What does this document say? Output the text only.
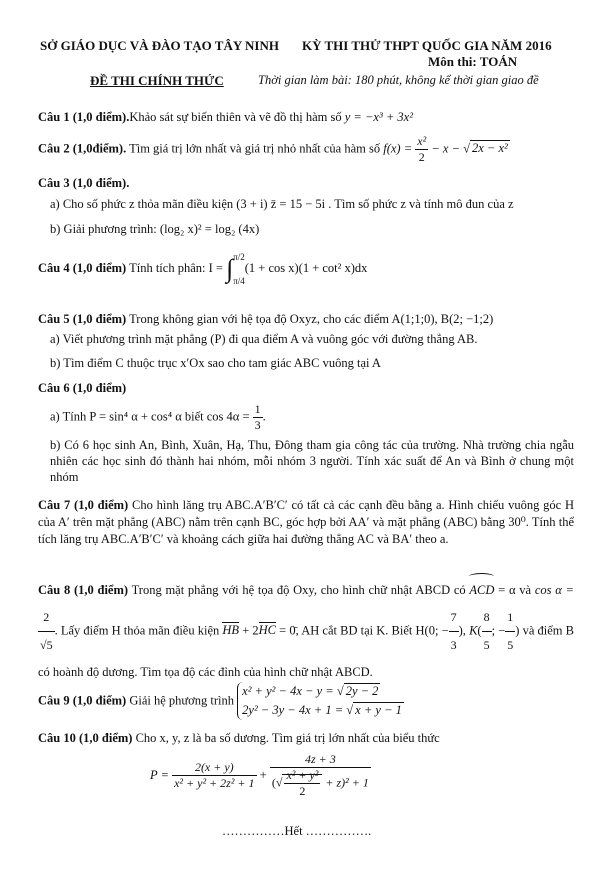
SỞ GIÁO DỤC VÀ ĐÀO TẠO TÂY NINH KỲ THI THỬ THPT QUỐC GIA NĂM 2016
Môn thi: TOÁN
ĐỀ THI CHÍNH THỨC	Thời gian làm bài: 180 phút, không kể thời gian giao đề
Câu 1 (1,0 điểm).Khảo sát sự biến thiên và vẽ đồ thị hàm số y = −x³ + 3x²
Câu 2 (1,0điểm). Tìm giá trị lớn nhất và giá trị nhỏ nhất của hàm số $f(x) = \frac{\text{x²}}{2} - x$ − √ 2x − x²
Câu 3 (1,0 điểm).
a) Cho số phức z thỏa mãn điều kiện (3 + i) z̄ = 15 − 5i . Tìm số phức z và tính mô đun của z
b) Giải phương trình: (log₂ x)² = log₂ (4x)
Câu 4 (1,0 điểm) Tính tích phân: I = ∫ π/2
π/4
(1 + cos x)(1 + cot² x)dx
Câu 5 (1,0 điểm) Trong không gian với hệ tọa độ Oxyz, cho các điểm A(1;1;0), B(2; −1;2)
a) Viết phương trình mặt phẳng (P) đi qua điểm A và vuông góc với đường thẳng AB.
b) Tìm điểm C thuộc trục x′Ox sao cho tam giác ABC vuông tại A
Câu 6 (1,0 điểm)
a) Tính P = sin⁴ α + cos⁴ α biết $\cos 4\alpha = \frac{1}{3}$ .
b) Có 6 học sinh An, Bình, Xuân, Hạ, Thu, Đông tham gia công tác của trường. Nhà trường chia ngẫu nhiên các học sinh đó thành hai nhóm, mỗi nhóm 3 người. Tính xác suất để An và Bình ở chung một nhóm
Câu 7 (1,0 điểm) Cho hình lăng trụ ABC.A′B′C′ có tất cả các cạnh đều bằng a. Hình chiếu vuông góc H của A′ trên mặt phẳng (ABC) nằm trên cạnh BC, góc hợp bởi AA′ và mặt phẳng (ABC) bằng 30⁰. Tính thể tích lăng trụ ABC.A′B′C′ và khoảng cách giữa hai đường thẳng AC và BA′ theo a.
Câu 8 (1,0 điểm) Trong mặt phẳng với hệ tọa độ Oxy, cho hình chữ nhật ABCD có ACD = α và cos α =
$\frac{2}{√5}$ . Lấy điểm H thỏa mãn điều kiện HB + 2HC = 0̄, AH cắt BD tại K. Biết H(0; − $\frac{7}{3}$ ), $K( \frac{8}{5}$ ; − $\frac{1}{5}$ ) và điểm B có hoành độ dương. Tìm tọa độ các đỉnh của hình chữ nhật ABCD.
Câu 9 (1,0 điểm) Giải hệ phương trình
x² + y² − 4x − y = √ 2y − 2
2y² − 3y − 4x + 1 = √ x + y − 1
Câu 10 (1,0 điểm) Cho x, y, z là ba số dương. Tìm giá trị lớn nhất của biểu thức
$P = \frac{2(x + y)}{\text{x² + y² + 2z² + 1}} + \frac{4z + 3}{(√ \frac{\text{x² + y²}}{2} + z)^2 + 1}$
……………Hết …………….
